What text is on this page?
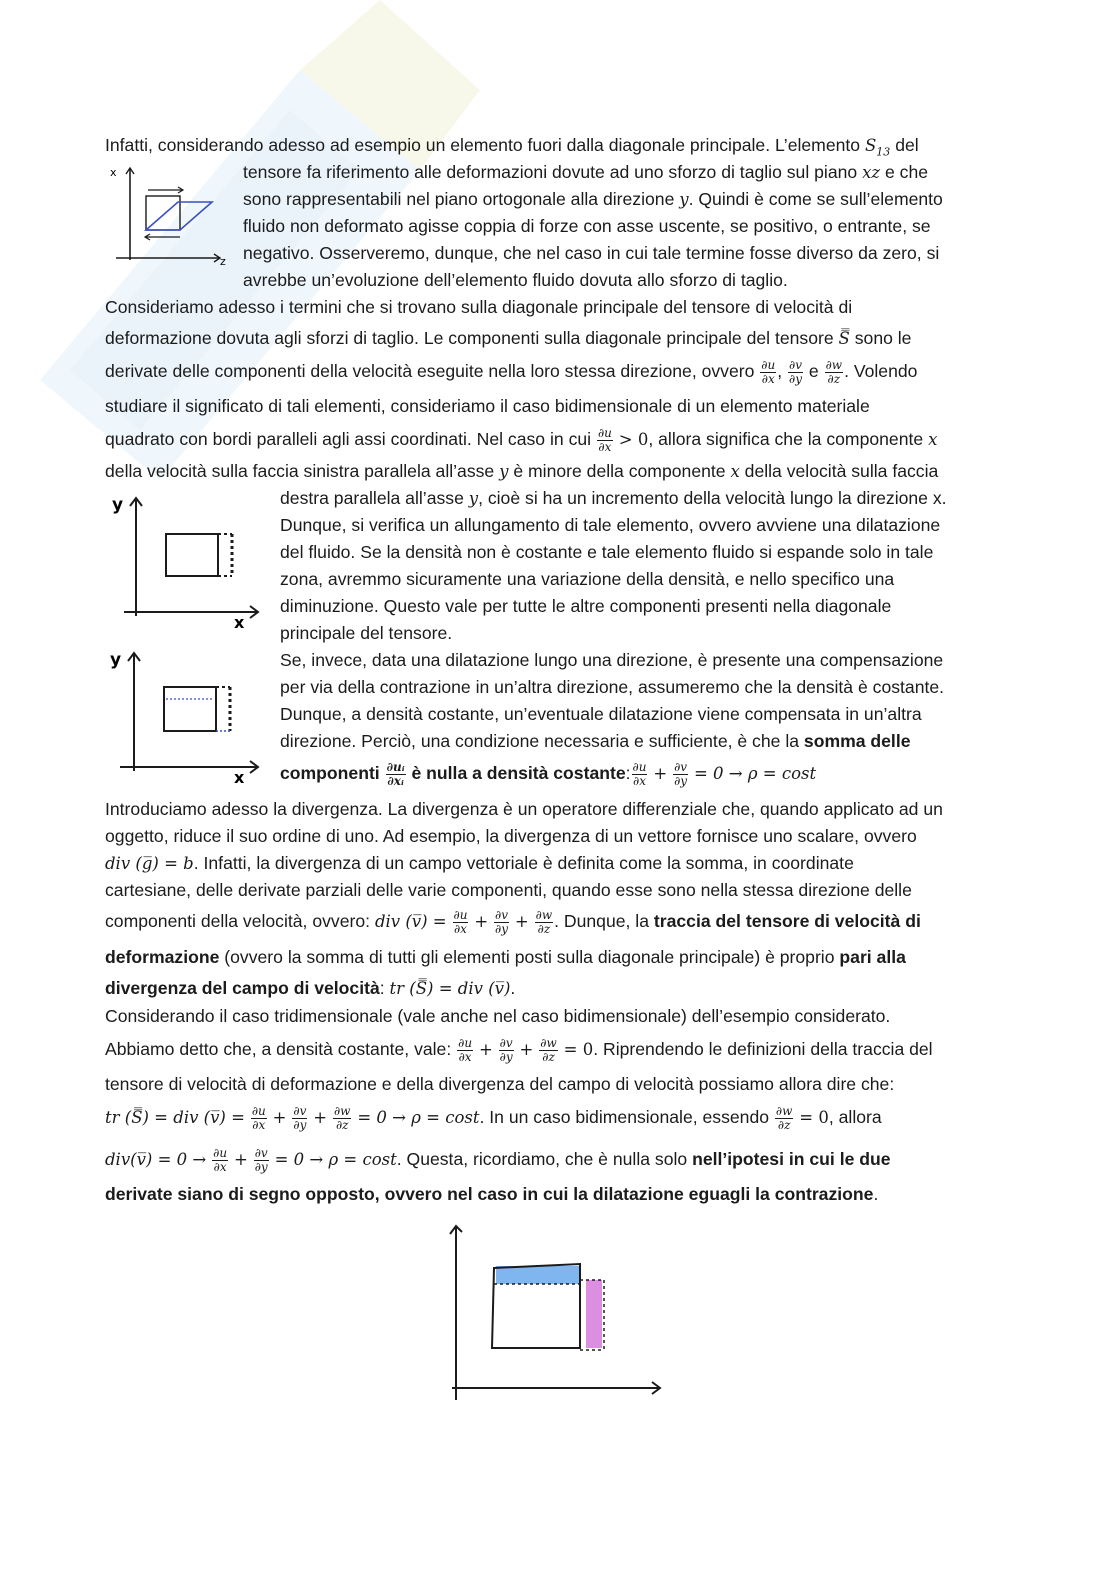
Infatti, considerando adesso ad esempio un elemento fuori dalla diagonale principale. L’elemento $S_{13}$ del
tensore fa riferimento alle deformazioni dovute ad uno sforzo di taglio sul piano xz e che
sono rappresentabili nel piano ortogonale alla direzione y. Quindi è come se sull’elemento
fluido non deformato agisse coppia di forze con asse uscente, se positivo, o entrante, se
negativo. Osserveremo, dunque, che nel caso in cui tale termine fosse diverso da zero, si
avrebbe un’evoluzione dell’elemento fluido dovuta allo sforzo di taglio.
x
z
Consideriamo adesso i termini che si trovano sulla diagonale principale del tensore di velocità di
deformazione dovuta agli sforzi di taglio. Le componenti sulla diagonale principale del tensore S̿ sono le
derivate delle componenti della velocità eseguite nella loro stessa direzione, ovvero $\frac{\partial u}{\partial x}$ , $\frac{\partial v}{\partial y}$ e $\frac{\partial w}{\partial z}$ . Volendo
studiare il significato di tali elementi, consideriamo il caso bidimensionale di un elemento materiale
quadrato con bordi paralleli agli assi coordinati. Nel caso in cui $\frac{\partial u}{\partial x} > 0$, allora significa che la componente x
della velocità sulla faccia sinistra parallela all’asse y è minore della componente x della velocità sulla faccia
destra parallela all’asse y, cioè si ha un incremento della velocità lungo la direzione x.
Dunque, si verifica un allungamento di tale elemento, ovvero avviene una dilatazione
del fluido. Se la densità non è costante e tale elemento fluido si espande solo in tale
zona, avremmo sicuramente una variazione della densità, e nello specifico una
diminuzione. Questo vale per tutte le altre componenti presenti nella diagonale
principale del tensore.
y
x
Se, invece, data una dilatazione lungo una direzione, è presente una compensazione
per via della contrazione in un’altra direzione, assumeremo che la densità è costante.
Dunque, a densità costante, un’eventuale dilatazione viene compensata in un’altra
direzione. Perciò, una condizione necessaria e sufficiente, è che la somma delle
componenti $\frac{\text{∂uᵢ}}{\text{∂xᵢ}}$ è nulla a densità costante: $\frac{\partial u}{\partial x} + \frac{\partial v}{\partial y} = 0 \to \rho = \cos t$
y
x
Introduciamo adesso la divergenza. La divergenza è un operatore differenziale che, quando applicato ad un
oggetto, riduce il suo ordine di uno. Ad esempio, la divergenza di un vettore fornisce uno scalare, ovvero
div (g̅) = b. Infatti, la divergenza di un campo vettoriale è definita come la somma, in coordinate
cartesiane, delle derivate parziali delle varie componenti, quando esse sono nella stessa direzione delle
componenti della velocità, ovvero: div (v̅) = $\frac{\partial u}{\partial x} + \frac{\partial v}{\partial y} + \frac{\partial w}{\partial z}$ . Dunque, la traccia del tensore di velocità di
deformazione (ovvero la somma di tutti gli elementi posti sulla diagonale principale) è proprio pari alla
divergenza del campo di velocità: tr (S̿) = div (v̅).
Considerando il caso tridimensionale (vale anche nel caso bidimensionale) dell’esempio considerato.
Abbiamo detto che, a densità costante, vale: $\frac{\partial u}{\partial x} + \frac{\partial v}{\partial y} + \frac{\partial w}{\partial z} = 0$. Riprendendo le definizioni della traccia del
tensore di velocità di deformazione e della divergenza del campo di velocità possiamo allora dire che:
tr (S̿) = div (v̅) = $\frac{\partial u}{\partial x} + \frac{\partial v}{\partial y} + \frac{\partial w}{\partial z} = 0 \to \rho = \cos t$. In un caso bidimensionale, essendo $\frac{\partial w}{\partial z} = 0$, allora
div(v̅) = $0 \to \frac{\partial u}{\partial x} + \frac{\partial v}{\partial y} = 0 \to \rho = \cos t$. Questa, ricordiamo, che è nulla solo nell’ipotesi in cui le due
derivate siano di segno opposto, ovvero nel caso in cui la dilatazione eguagli la contrazione.
